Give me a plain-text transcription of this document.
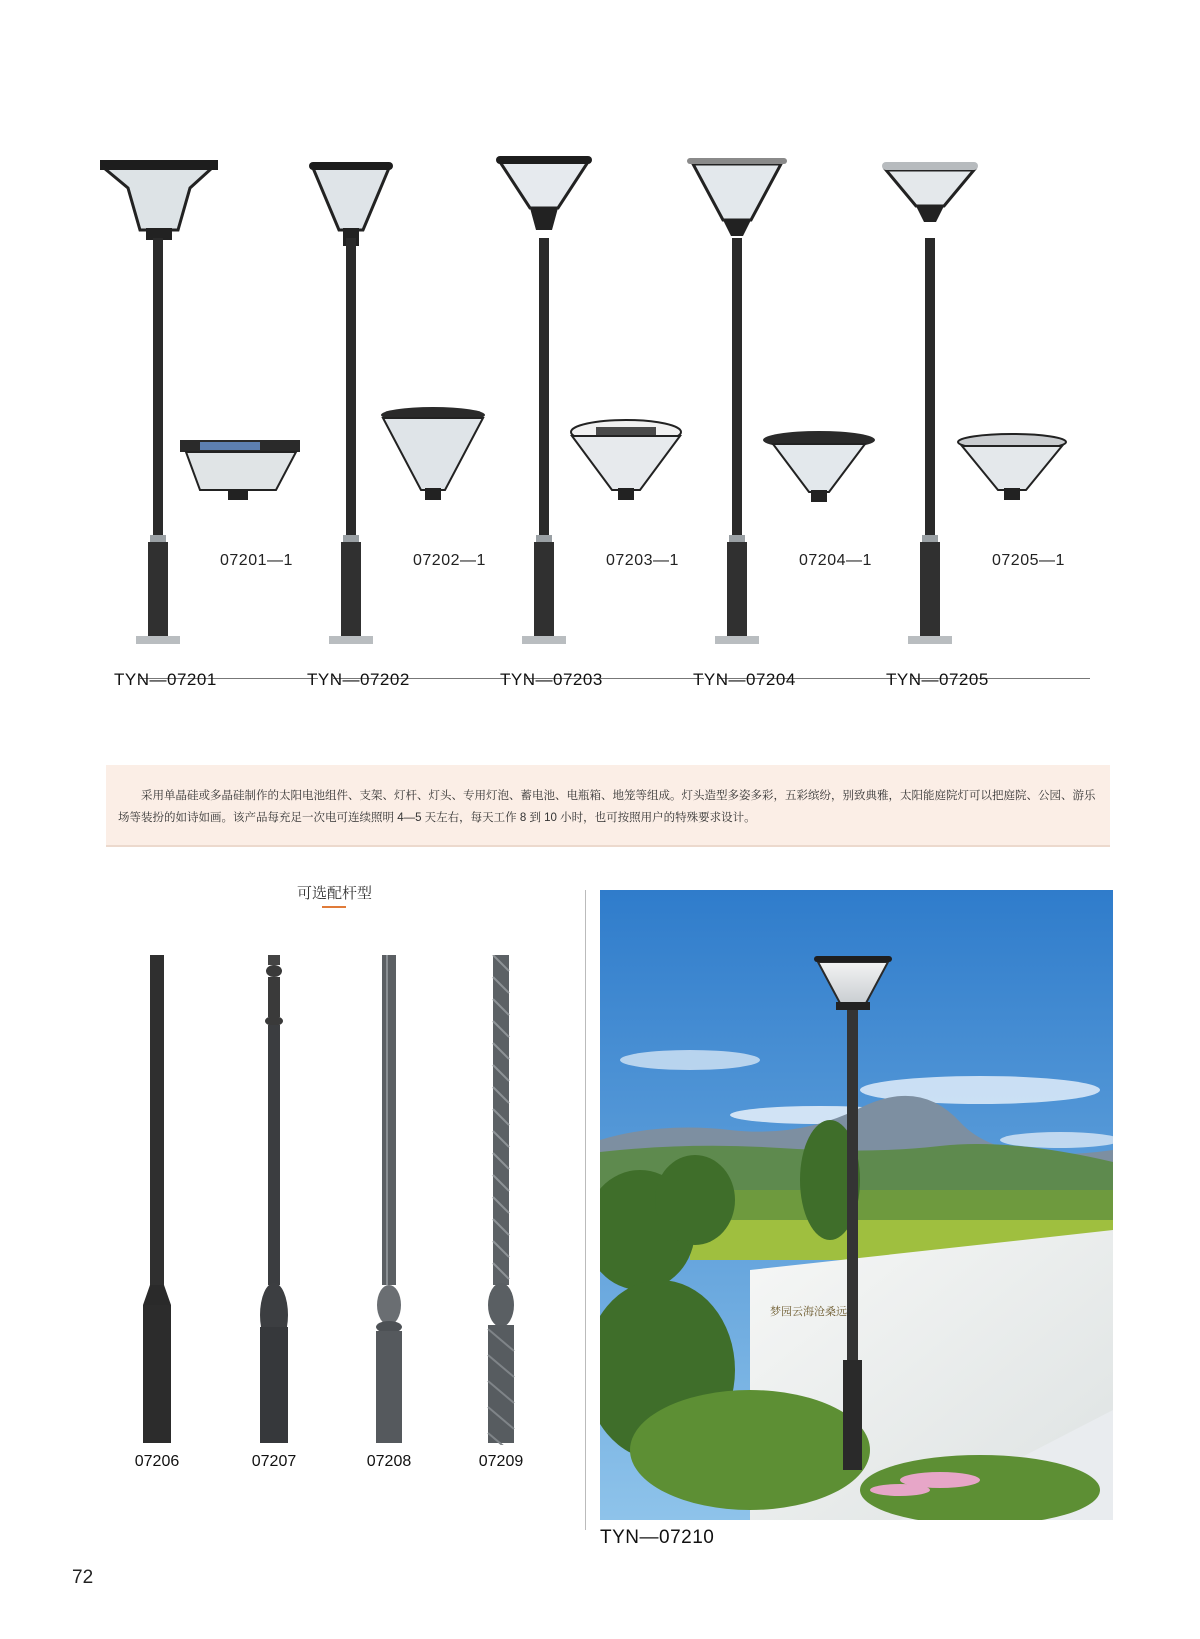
07201—1
TYN—07201
07202—1
TYN—07202
07203—1
TYN—07203
07204—1
TYN—07204
07205—1
TYN—07205
采用单晶硅或多晶硅制作的太阳电池组件、支架、灯杆、灯头、专用灯泡、蓄电池、电瓶箱、地笼等组成。灯头造型多姿多彩，五彩缤纷，别致典雅，太阳能庭院灯可以把庭院、公园、游乐场等装扮的如诗如画。该产品每充足一次电可连续照明 4—5 天左右，每天工作 8 到 10 小时，也可按照用户的特殊要求设计。
可选配杆型
07206	07207	07208	07209
梦园云海沧桑远
TYN—07210
72
